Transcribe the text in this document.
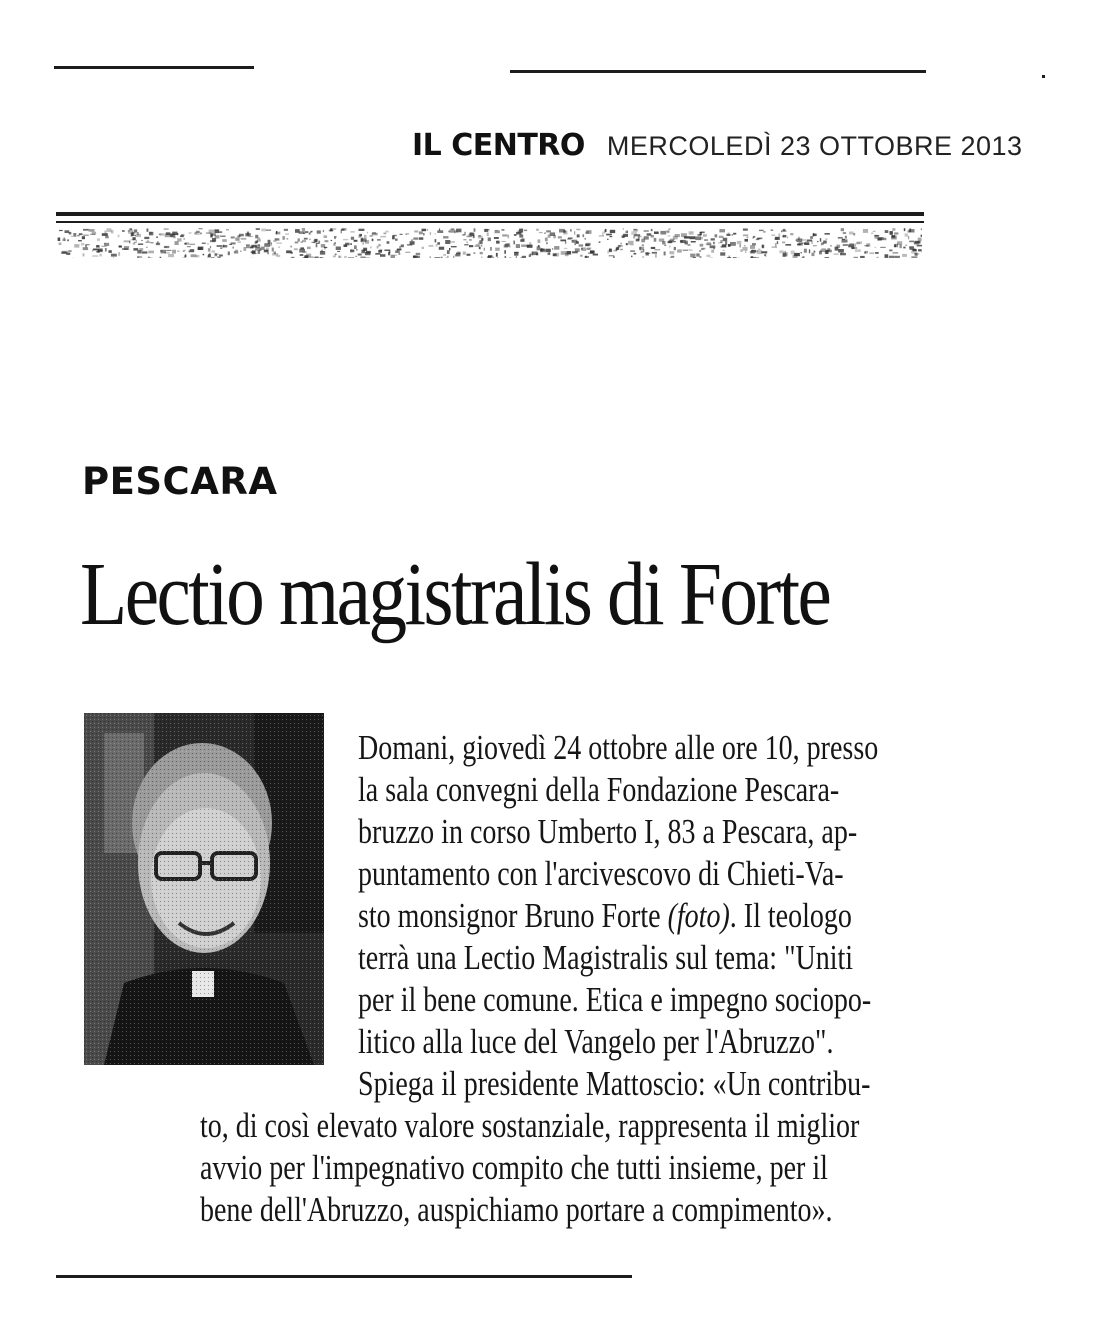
IL CENTRO MERCOLEDÌ 23 OTTOBRE 2013
PESCARA
Lectio magistralis di Forte
Domani, giovedì 24 ottobre alle ore 10, presso
la sala convegni della Fondazione Pescara-
bruzzo in corso Umberto I, 83 a Pescara, ap-
puntamento con l'arcivescovo di Chieti-Va-
sto monsignor Bruno Forte (foto). Il teologo
terrà una Lectio Magistralis sul tema: "Uniti
per il bene comune. Etica e impegno sociopo-
litico alla luce del Vangelo per l'Abruzzo".
Spiega il presidente Mattoscio: «Un contribu-
to, di così elevato valore sostanziale, rappresenta il miglior
avvio per l'impegnativo compito che tutti insieme, per il
bene dell'Abruzzo, auspichiamo portare a compimento».
